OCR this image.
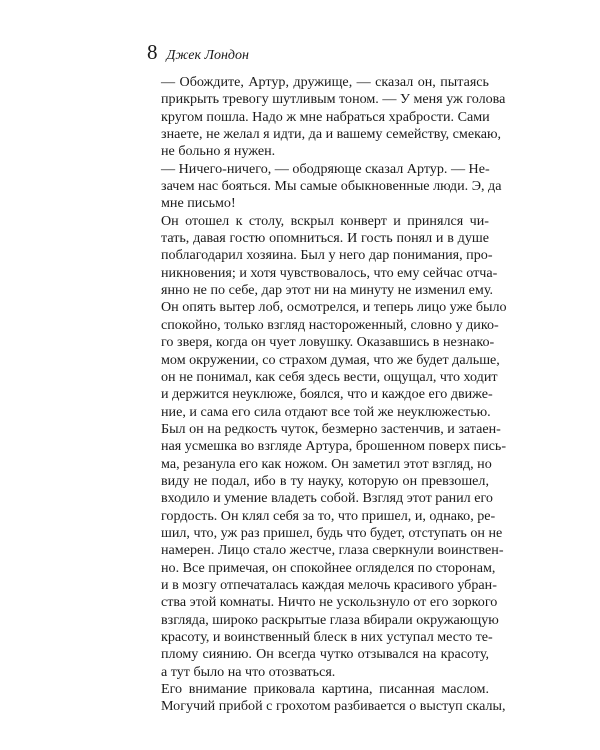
8 Джек Лондон

— Обождите, Артур, дружище, — сказал он, пытаясь
прикрыть тревогу шутливым тоном. — У меня уж голова
кругом пошла. Надо ж мне набраться храбрости. Сами
знаете, не желал я идти, да и вашему семейству, смекаю,
не больно я нужен.

— Ничего-ничего, — ободряюще сказал Артур. — Не-
зачем нас бояться. Мы самые обыкновенные люди. Э, да
мне письмо!

Он отошел к столу, вскрыл конверт и принялся чи-
тать, давая гостю опомниться. И гость понял и в душе
поблагодарил хозяина. Был у него дар понимания, про-
никновения; и хотя чувствовалось, что ему сейчас отча-
янно не по себе, дар этот ни на минуту не изменил ему.
Он опять вытер лоб, осмотрелся, и теперь лицо уже было
спокойно, только взгляд настороженный, словно у дико-
го зверя, когда он чует ловушку. Оказавшись в незнако-
мом окружении, со страхом думая, что же будет дальше,
он не понимал, как себя здесь вести, ощущал, что ходит
и держится неуклюже, боялся, что и каждое его движе-
ние, и сама его сила отдают все той же неуклюжестью.
Был он на редкость чуток, безмерно застенчив, и затаен-
ная усмешка во взгляде Артура, брошенном поверх пись-
ма, резанула его как ножом. Он заметил этот взгляд, но
виду не подал, ибо в ту науку, которую он превзошел,
входило и умение владеть собой. Взгляд этот ранил его
гордость. Он клял себя за то, что пришел, и, однако, ре-
шил, что, уж раз пришел, будь что будет, отступать он не
намерен. Лицо стало жестче, глаза сверкнули воинствен-
но. Все примечая, он спокойнее огляделся по сторонам,
и в мозгу отпечаталась каждая мелочь красивого убран-
ства этой комнаты. Ничто не ускользнуло от его зоркого
взгляда, широко раскрытые глаза вбирали окружающую
красоту, и воинственный блеск в них уступал место те-
плому сиянию. Он всегда чутко отзывался на красоту,
а тут было на что отозваться.

Его внимание приковала картина, писанная маслом.
Могучий прибой с грохотом разбивается о выступ скалы,
